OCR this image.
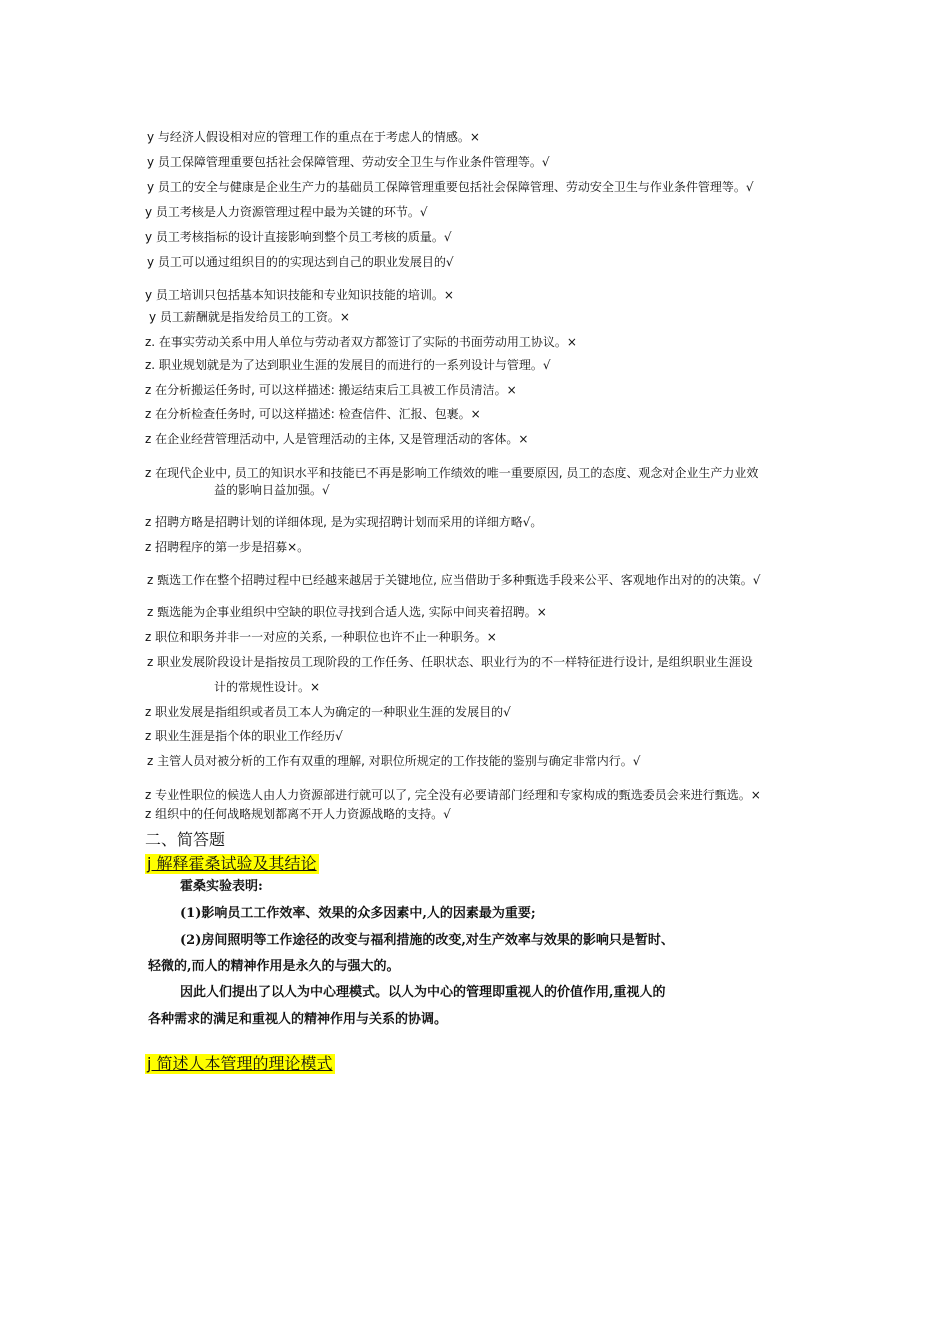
y 与经济人假设相对应的管理工作的重点在于考虑人的情感。×
y 员工保障管理重要包括社会保障管理、劳动安全卫生与作业条件管理等。√
y 员工的安全与健康是企业生产力的基础员工保障管理重要包括社会保障管理、劳动安全卫生与作业条件管理等。√
y 员工考核是人力资源管理过程中最为关键的环节。√
y 员工考核指标的设计直接影响到整个员工考核的质量。√
y 员工可以通过组织目的的实现达到自己的职业发展目的√
y 员工培训只包括基本知识技能和专业知识技能的培训。×
y 员工薪酬就是指发给员工的工资。×
z. 在事实劳动关系中用人单位与劳动者双方都签订了实际的书面劳动用工协议。×
z. 职业规划就是为了达到职业生涯的发展目的而进行的一系列设计与管理。√
z 在分析搬运任务时, 可以这样描述: 搬运结束后工具被工作员清洁。×
z 在分析检查任务时, 可以这样描述: 检查信件、汇报、包裹。×
z 在企业经营管理活动中, 人是管理活动的主体, 又是管理活动的客体。×
z 在现代企业中, 员工的知识水平和技能已不再是影响工作绩效的唯一重要原因, 员工的态度、观念对企业生产力业效
益的影响日益加强。√
z 招聘方略是招聘计划的详细体现, 是为实现招聘计划而采用的详细方略√。
z 招聘程序的第一步是招募×。
z 甄选工作在整个招聘过程中已经越来越居于关键地位, 应当借助于多种甄选手段来公平、客观地作出对的的决策。√
z 甄选能为企事业组织中空缺的职位寻找到合适人选, 实际中间夹着招聘。×
z 职位和职务并非一一对应的关系, 一种职位也许不止一种职务。×
z 职业发展阶段设计是指按员工现阶段的工作任务、任职状态、职业行为的不一样特征进行设计, 是组织职业生涯设
计的常规性设计。×
z 职业发展是指组织或者员工本人为确定的一种职业生涯的发展目的√
z 职业生涯是指个体的职业工作经历√
z 主管人员对被分析的工作有双重的理解, 对职位所规定的工作技能的鉴别与确定非常内行。√
z 专业性职位的候选人由人力资源部进行就可以了, 完全没有必要请部门经理和专家构成的甄选委员会来进行甄选。×
z 组织中的任何战略规划都离不开人力资源战略的支持。√
二、简答题
j 解释霍桑试验及其结论
霍桑实验表明:
(1)影响员工工作效率、效果的众多因素中,人的因素最为重要;
(2)房间照明等工作途径的改变与福利措施的改变,对生产效率与效果的影响只是暂时、
轻微的,而人的精神作用是永久的与强大的。
因此人们提出了以人为中心理模式。以人为中心的管理即重视人的价值作用,重视人的
各种需求的满足和重视人的精神作用与关系的协调。
j 简述人本管理的理论模式
